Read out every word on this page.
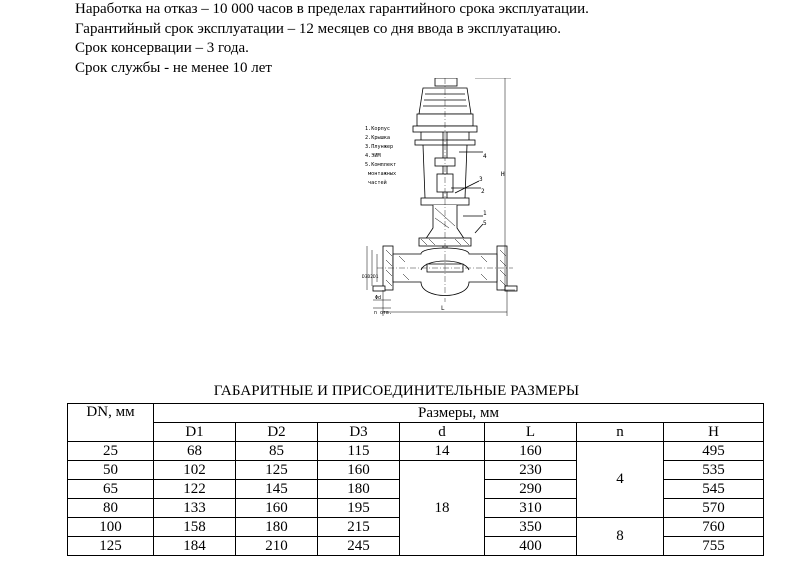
Наработка на отказ – 10 000 часов в пределах гарантийного срока эксплуатации.
Гарантийный срок эксплуатации – 12 месяцев со дня ввода в эксплуатацию.
Срок консервации – 3 года.
Срок службы - не менее 10 лет
1.Корпус
2.Крышка
3.Плунжер
4.ЭИМ
5.Комплект
монтажных
частей
4
2
3
1
5
H
D3 D2 D1
L
Φd
n отв.
ГАБАРИТНЫЕ И ПРИСОЕДИНИТЕЛЬНЫЕ РАЗМЕРЫ
DN, мм	Размеры, мм						
	D1	D2	D3	d	L	n	H
25	68	85	115	14	160	4	495
50	102	125	160	18	230		535
65	122	145	180		290		545
80	133	160	195		310		570
100	158	180	215		350	8	760
125	184	210	245		400		755
